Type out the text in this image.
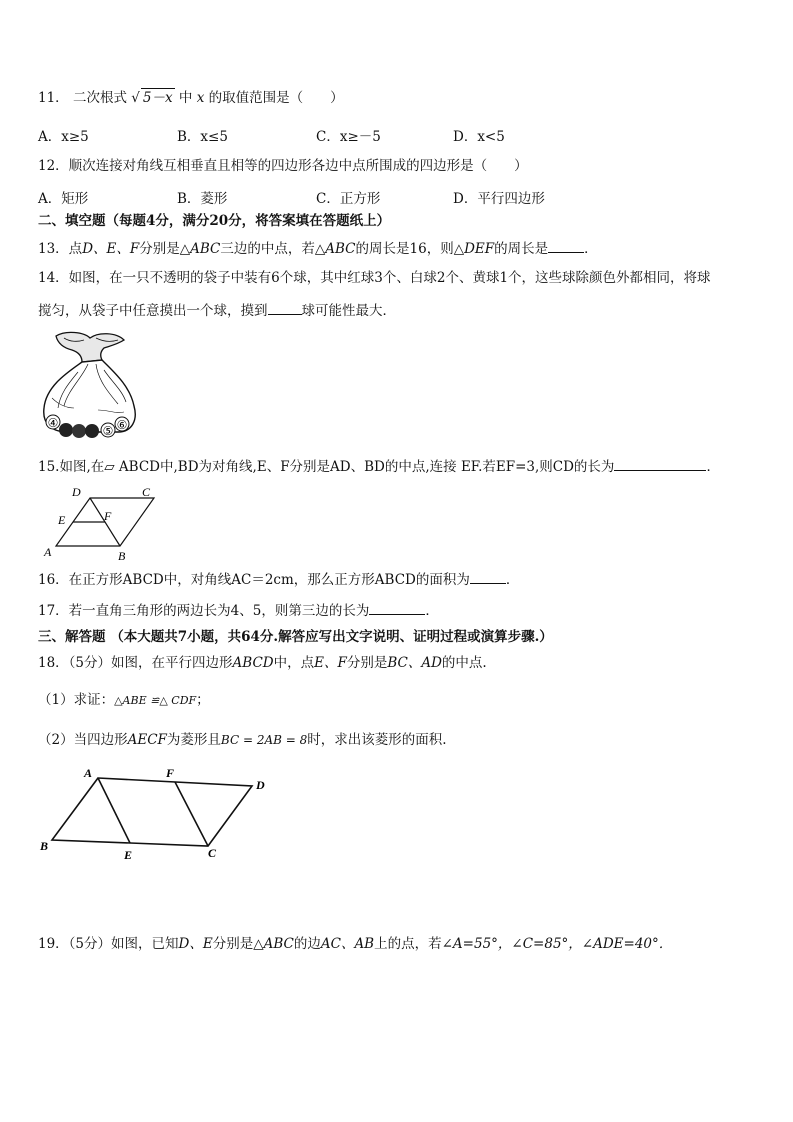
11． 二次根式 √ 5－x 中 x 的取值范围是（　　）
A．x≥5	B．x≤5	C．x≥－5	D．x<5
12．顺次连接对角线互相垂直且相等的四边形各边中点所围成的四边形是（　　）
A．矩形	B．菱形	C．正方形	D．平行四边形
二、填空题（每题4分，满分20分，将答案填在答题纸上）
13．点D、E、F分别是△ABC三边的中点，若△ABC的周长是16，则△DEF的周长是	．
14．如图，在一只不透明的袋子中装有6个球，其中红球3个、白球2个、黄球1个，这些球除颜色外都相同，将球
搅匀，从袋子中任意摸出一个球，摸到	球可能性最大．
④
⑤ ⑥
15.如图,在▱ ABCD中,BD为对角线,E、F分别是AD、BD的中点,连接 EF.若EF=3,则CD的长为	．
D	C
E	F
A	B
16．在正方形ABCD中，对角线AC＝2cm，那么正方形ABCD的面积为	．
17．若一直角三角形的两边长为4、5，则第三边的长为	．
三、解答题 （本大题共7小题，共64分.解答应写出文字说明、证明过程或演算步骤.）
18．（5分）如图，在平行四边形ABCD中，点E、F分别是BC、AD的中点.
（1）求证：△ABE ≌△ CDF；
（2）当四边形AECF为菱形且BC = 2AB = 8时，求出该菱形的面积.
A	F
D
B
E	C
19．（5分）如图，已知D、E分别是△ABC的边AC、AB上的点，若∠A=55°，∠C=85°，∠ADE=40°．
